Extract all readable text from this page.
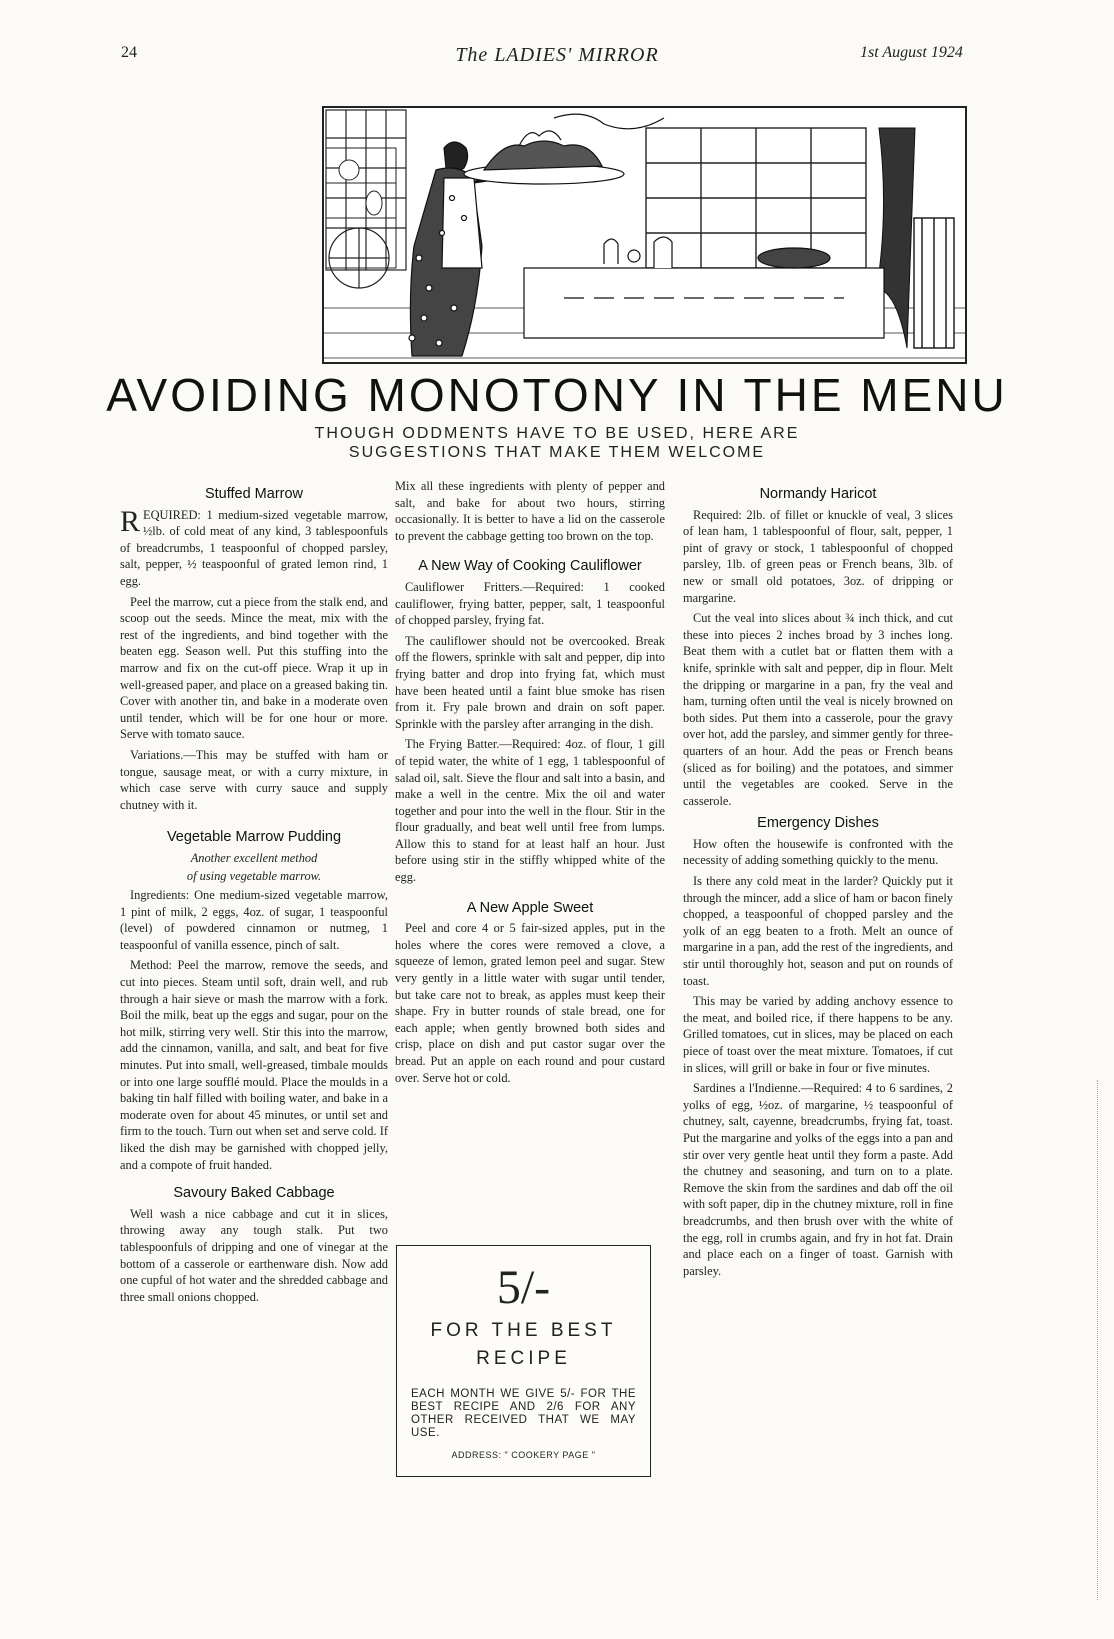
24	The LADIES' MIRROR	1st August 1924
AVOIDING MONOTONY IN THE MENU
THOUGH ODDMENTS HAVE TO BE USED, HERE ARE
SUGGESTIONS THAT MAKE THEM WELCOME
Stuffed Marrow

REQUIRED: 1 medium-sized vegetable marrow, ½lb. of cold meat of any kind, 3 tablespoonfuls of breadcrumbs, 1 teaspoonful of chopped parsley, salt, pepper, ½ teaspoonful of grated lemon rind, 1 egg.

Peel the marrow, cut a piece from the stalk end, and scoop out the seeds. Mince the meat, mix with the rest of the ingredients, and bind together with the beaten egg. Season well. Put this stuffing into the marrow and fix on the cut-off piece. Wrap it up in well-greased paper, and place on a greased baking tin. Cover with another tin, and bake in a moderate oven until tender, which will be for one hour or more. Serve with tomato sauce.

Variations.—This may be stuffed with ham or tongue, sausage meat, or with a curry mixture, in which case serve with curry sauce and supply chutney with it.

Vegetable Marrow Pudding

Another excellent method

of using vegetable marrow.

Ingredients: One medium-sized vegetable marrow, 1 pint of milk, 2 eggs, 4oz. of sugar, 1 teaspoonful (level) of powdered cinnamon or nutmeg, 1 teaspoonful of vanilla essence, pinch of salt.

Method: Peel the marrow, remove the seeds, and cut into pieces. Steam until soft, drain well, and rub through a hair sieve or mash the marrow with a fork. Boil the milk, beat up the eggs and sugar, pour on the hot milk, stirring very well. Stir this into the marrow, add the cinnamon, vanilla, and salt, and beat for five minutes. Put into small, well-greased, timbale moulds or into one large soufflé mould. Place the moulds in a baking tin half filled with boiling water, and bake in a moderate oven for about 45 minutes, or until set and firm to the touch. Turn out when set and serve cold. If liked the dish may be garnished with chopped jelly, and a compote of fruit handed.

Savoury Baked Cabbage

Well wash a nice cabbage and cut it in slices, throwing away any tough stalk. Put two tablespoonfuls of dripping and one of vinegar at the bottom of a casserole or earthenware dish. Now add one cupful of hot water and the shredded cabbage and three small onions chopped.

Mix all these ingredients with plenty of pepper and salt, and bake for about two hours, stirring occasionally. It is better to have a lid on the casserole to prevent the cabbage getting too brown on the top.

A New Way of Cooking Cauliflower

Cauliflower Fritters.—Required: 1 cooked cauliflower, frying batter, pepper, salt, 1 teaspoonful of chopped parsley, frying fat.

The cauliflower should not be overcooked. Break off the flowers, sprinkle with salt and pepper, dip into frying batter and drop into frying fat, which must have been heated until a faint blue smoke has risen from it. Fry pale brown and drain on soft paper. Sprinkle with the parsley after arranging in the dish.

The Frying Batter.—Required: 4oz. of flour, 1 gill of tepid water, the white of 1 egg, 1 tablespoonful of salad oil, salt. Sieve the flour and salt into a basin, and make a well in the centre. Mix the oil and water together and pour into the well in the flour. Stir in the flour gradually, and beat well until free from lumps. Allow this to stand for at least half an hour. Just before using stir in the stiffly whipped white of the egg.

A New Apple Sweet

Peel and core 4 or 5 fair-sized apples, put in the holes where the cores were removed a clove, a squeeze of lemon, grated lemon peel and sugar. Stew very gently in a little water with sugar until tender, but take care not to break, as apples must keep their shape. Fry in butter rounds of stale bread, one for each apple; when gently browned both sides and crisp, place on dish and put castor sugar over the bread. Put an apple on each round and pour custard over. Serve hot or cold.

5/-
FOR THE BEST
RECIPE
EACH MONTH WE GIVE 5/- FOR THE BEST RECIPE AND 2/6 FOR ANY OTHER RECEIVED THAT WE MAY USE.
ADDRESS: " COOKERY PAGE "
Normandy Haricot

Required: 2lb. of fillet or knuckle of veal, 3 slices of lean ham, 1 tablespoonful of flour, salt, pepper, 1 pint of gravy or stock, 1 tablespoonful of chopped parsley, 1lb. of green peas or French beans, 3lb. of new or small old potatoes, 3oz. of dripping or margarine.

Cut the veal into slices about ¾ inch thick, and cut these into pieces 2 inches broad by 3 inches long. Beat them with a cutlet bat or flatten them with a knife, sprinkle with salt and pepper, dip in flour. Melt the dripping or margarine in a pan, fry the veal and ham, turning often until the veal is nicely browned on both sides. Put them into a casserole, pour the gravy over hot, add the parsley, and simmer gently for three-quarters of an hour. Add the peas or French beans (sliced as for boiling) and the potatoes, and simmer until the vegetables are cooked. Serve in the casserole.

Emergency Dishes

How often the housewife is confronted with the necessity of adding something quickly to the menu.

Is there any cold meat in the larder? Quickly put it through the mincer, add a slice of ham or bacon finely chopped, a teaspoonful of chopped parsley and the yolk of an egg beaten to a froth. Melt an ounce of margarine in a pan, add the rest of the ingredients, and stir until thoroughly hot, season and put on rounds of toast.

This may be varied by adding anchovy essence to the meat, and boiled rice, if there happens to be any. Grilled tomatoes, cut in slices, may be placed on each piece of toast over the meat mixture. Tomatoes, if cut in slices, will grill or bake in four or five minutes.

Sardines a l'Indienne.—Required: 4 to 6 sardines, 2 yolks of egg, ½oz. of margarine, ½ teaspoonful of chutney, salt, cayenne, breadcrumbs, frying fat, toast. Put the margarine and yolks of the eggs into a pan and stir over very gentle heat until they form a paste. Add the chutney and seasoning, and turn on to a plate. Remove the skin from the sardines and dab off the oil with soft paper, dip in the chutney mixture, roll in fine breadcrumbs, and then brush over with the white of the egg, roll in crumbs again, and fry in hot fat. Drain and place each on a finger of toast. Garnish with parsley.
